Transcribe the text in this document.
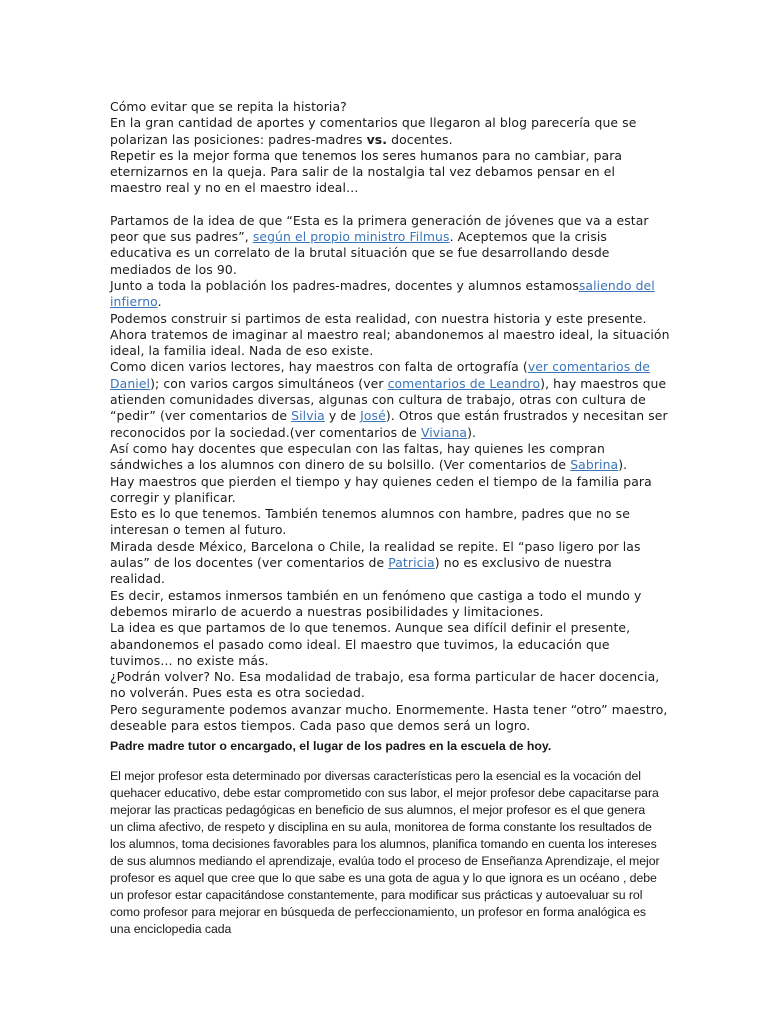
Cómo evitar que se repita la historia?

En la gran cantidad de aportes y comentarios que llegaron al blog parecería que se polarizan las posiciones: padres-madres vs. docentes.

Repetir es la mejor forma que tenemos los seres humanos para no cambiar, para eternizarnos en la queja. Para salir de la nostalgia tal vez debamos pensar en el maestro real y no en el maestro ideal…

Partamos de la idea de que “Esta es la primera generación de jóvenes que va a estar peor que sus padres”, según el propio ministro Filmus. Aceptemos que la crisis educativa es un correlato de la brutal situación que se fue desarrollando desde mediados de los 90.

Junto a toda la población los padres-madres, docentes y alumnos estamossaliendo del infierno.

Podemos construir si partimos de esta realidad, con nuestra historia y este presente. Ahora tratemos de imaginar al maestro real; abandonemos al maestro ideal, la situación ideal, la familia ideal. Nada de eso existe.

Como dicen varios lectores, hay maestros con falta de ortografía (ver comentarios de Daniel); con varios cargos simultáneos (ver comentarios de Leandro), hay maestros que atienden comunidades diversas, algunas con cultura de trabajo, otras con cultura de “pedir” (ver comentarios de Silvia y de José). Otros que están frustrados y necesitan ser reconocidos por la sociedad.(ver comentarios de Viviana).

Así como hay docentes que especulan con las faltas, hay quienes les compran sándwiches a los alumnos con dinero de su bolsillo. (Ver comentarios de Sabrina).

Hay maestros que pierden el tiempo y hay quienes ceden el tiempo de la familia para corregir y planificar.

Esto es lo que tenemos. También tenemos alumnos con hambre, padres que no se interesan o temen al futuro.

Mirada desde México, Barcelona o Chile, la realidad se repite. El “paso ligero por las aulas” de los docentes (ver comentarios de Patricia) no es exclusivo de nuestra realidad.

Es decir, estamos inmersos también en un fenómeno que castiga a todo el mundo y debemos mirarlo de acuerdo a nuestras posibilidades y limitaciones.

La idea es que partamos de lo que tenemos. Aunque sea difícil definir el presente, abandonemos el pasado como ideal. El maestro que tuvimos, la educación que tuvimos… no existe más.

¿Podrán volver? No. Esa modalidad de trabajo, esa forma particular de hacer docencia, no volverán. Pues esta es otra sociedad.

Pero seguramente podemos avanzar mucho. Enormemente. Hasta tener “otro” maestro, deseable para estos tiempos. Cada paso que demos será un logro.

Padre madre tutor o encargado, el lugar de los padres en la escuela de hoy.

El mejor profesor esta determinado por diversas características pero la esencial es la vocación del quehacer educativo, debe estar comprometido con sus labor, el mejor profesor debe capacitarse para mejorar las practicas pedagógicas en beneficio de sus alumnos, el mejor profesor es el que genera un clima afectivo, de respeto y disciplina en su aula, monitorea de forma constante los resultados de los alumnos, toma decisiones favorables para los alumnos, planifica tomando en cuenta los intereses de sus alumnos mediando el aprendizaje, evalúa todo el proceso de Enseñanza Aprendizaje, el mejor profesor es aquel que cree que lo que sabe es una gota de agua y lo que ignora es un océano , debe un profesor estar capacitándose constantemente, para modificar sus prácticas y autoevaluar su rol como profesor para mejorar en búsqueda de perfeccionamiento, un profesor en forma analógica es una enciclopedia cada
